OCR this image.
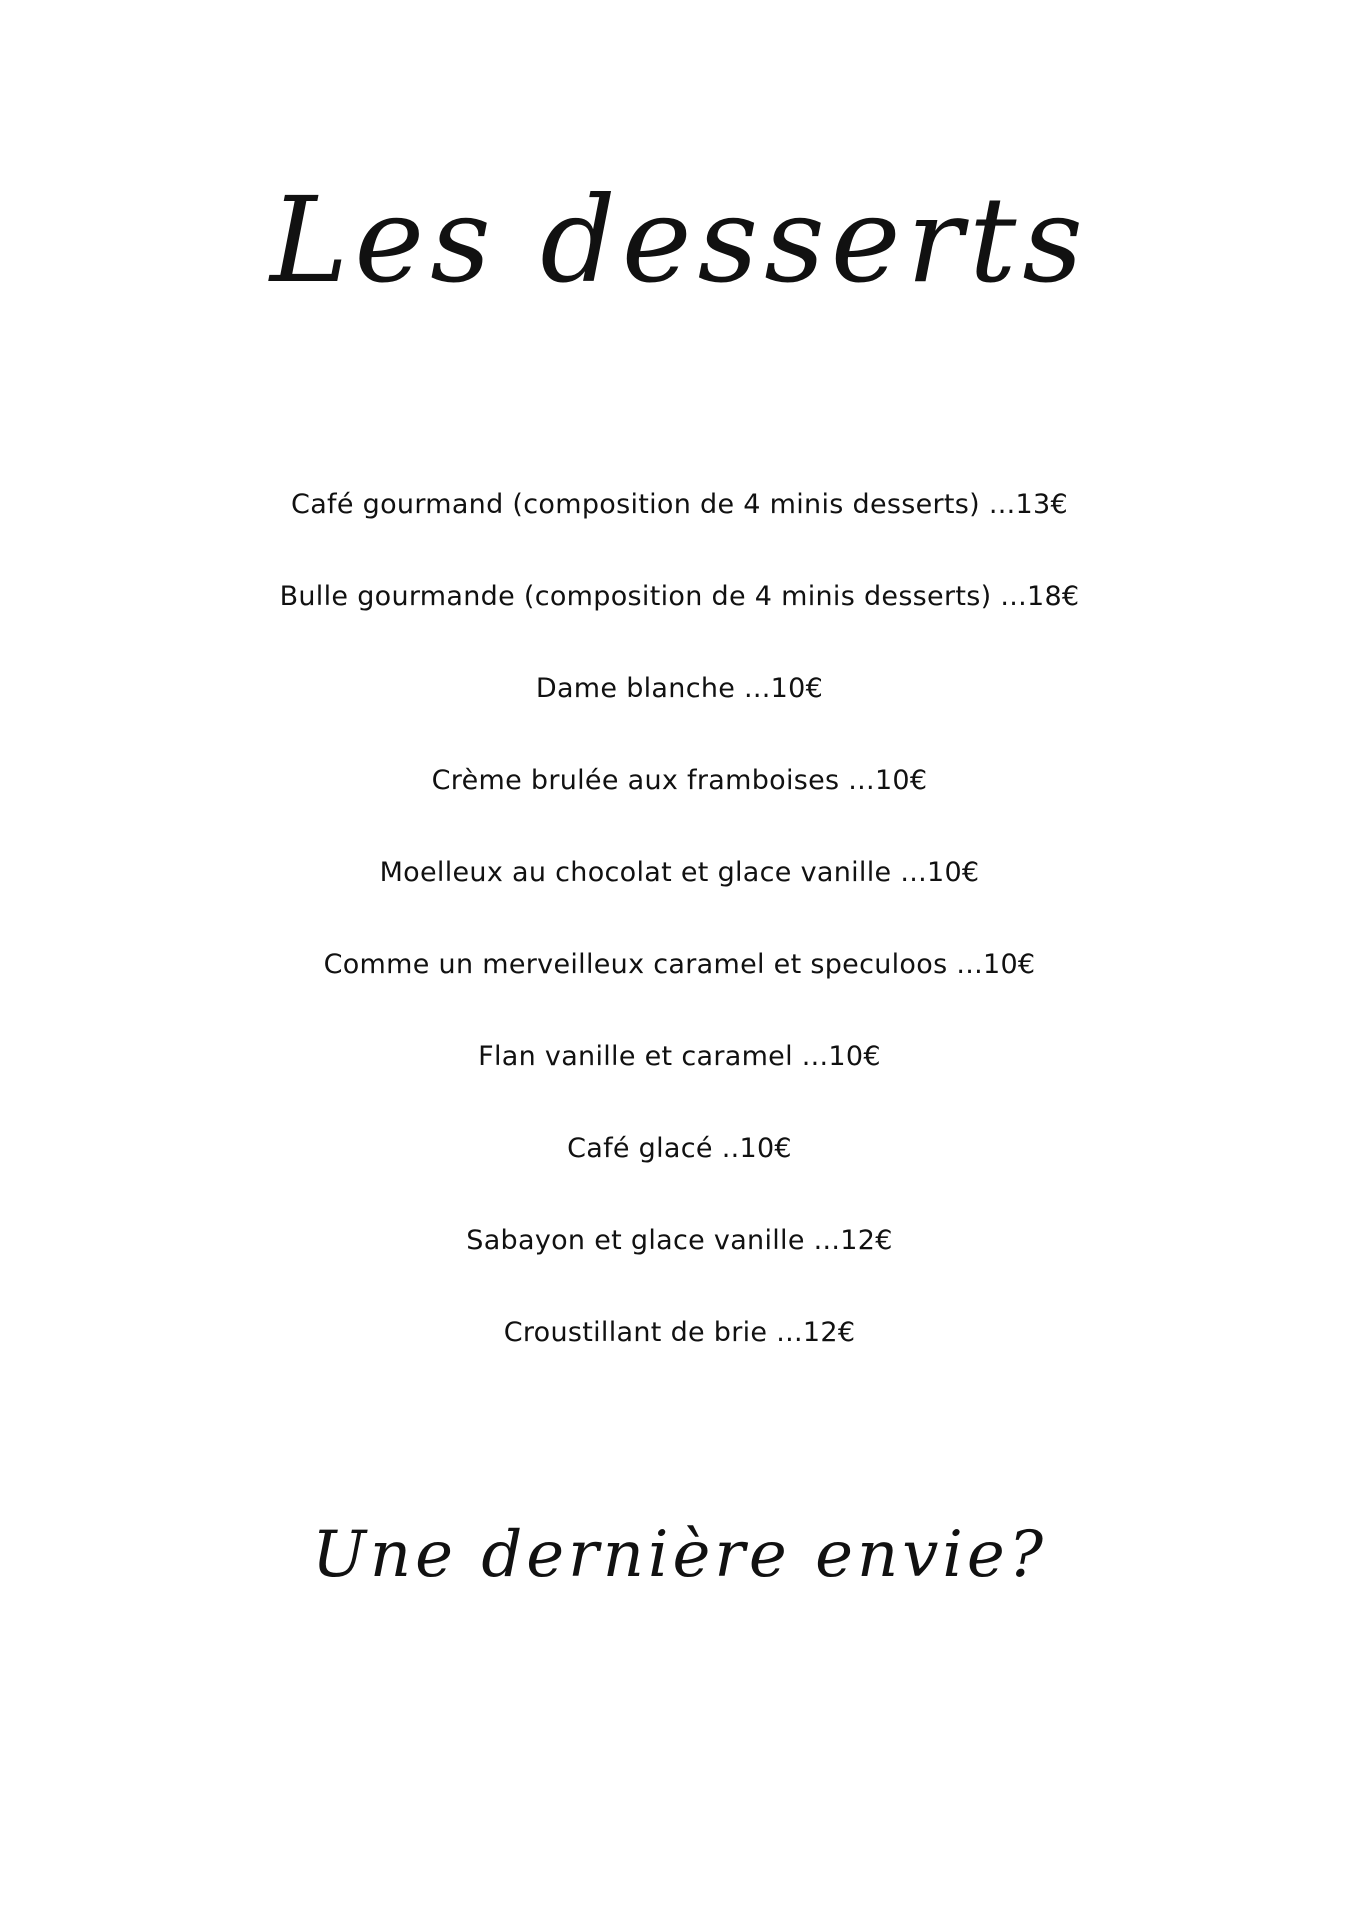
Les desserts
Café gourmand (composition de 4 minis desserts) ...13€
Bulle gourmande (composition de 4 minis desserts) ...18€
Dame blanche ...10€
Crème brulée aux framboises ...10€
Moelleux au chocolat et glace vanille ...10€
Comme un merveilleux caramel et speculoos ...10€
Flan vanille et caramel ...10€
Café glacé ..10€
Sabayon et glace vanille ...12€
Croustillant de brie ...12€

Une dernière envie?
